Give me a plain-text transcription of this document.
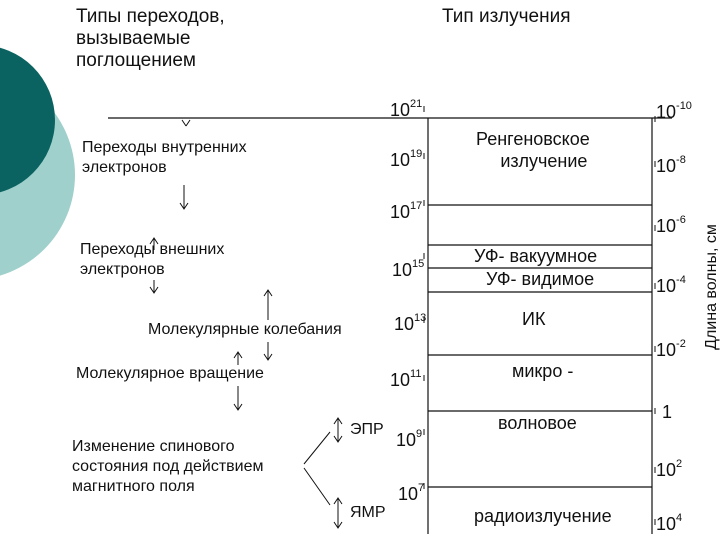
Типы переходов,
вызываемые
поглощением
Тип излучения
Переходы внутренних
электронов
Переходы внешних
электронов
Молекулярные колебания
Молекулярное вращение
Изменение спинового
состояния под действием
магнитного поля
ЭПР
ЯМР
$10^{21}$
$10^{19}$
$10^{17}$
$10^{15}$
$10^{13}$
$10^{11}$
$10^9$
$10^7$
Ренгеновское
излучение
УФ- вакуумное
УФ- видимое
ИК
микро -
волновое
радиоизлучение
$10^{-10}$
$10^{-8}$
$10^{-6}$
$10^{-4}$
$10^{-2}$
1
$10^2$
$10^4$
Длина волны, см
